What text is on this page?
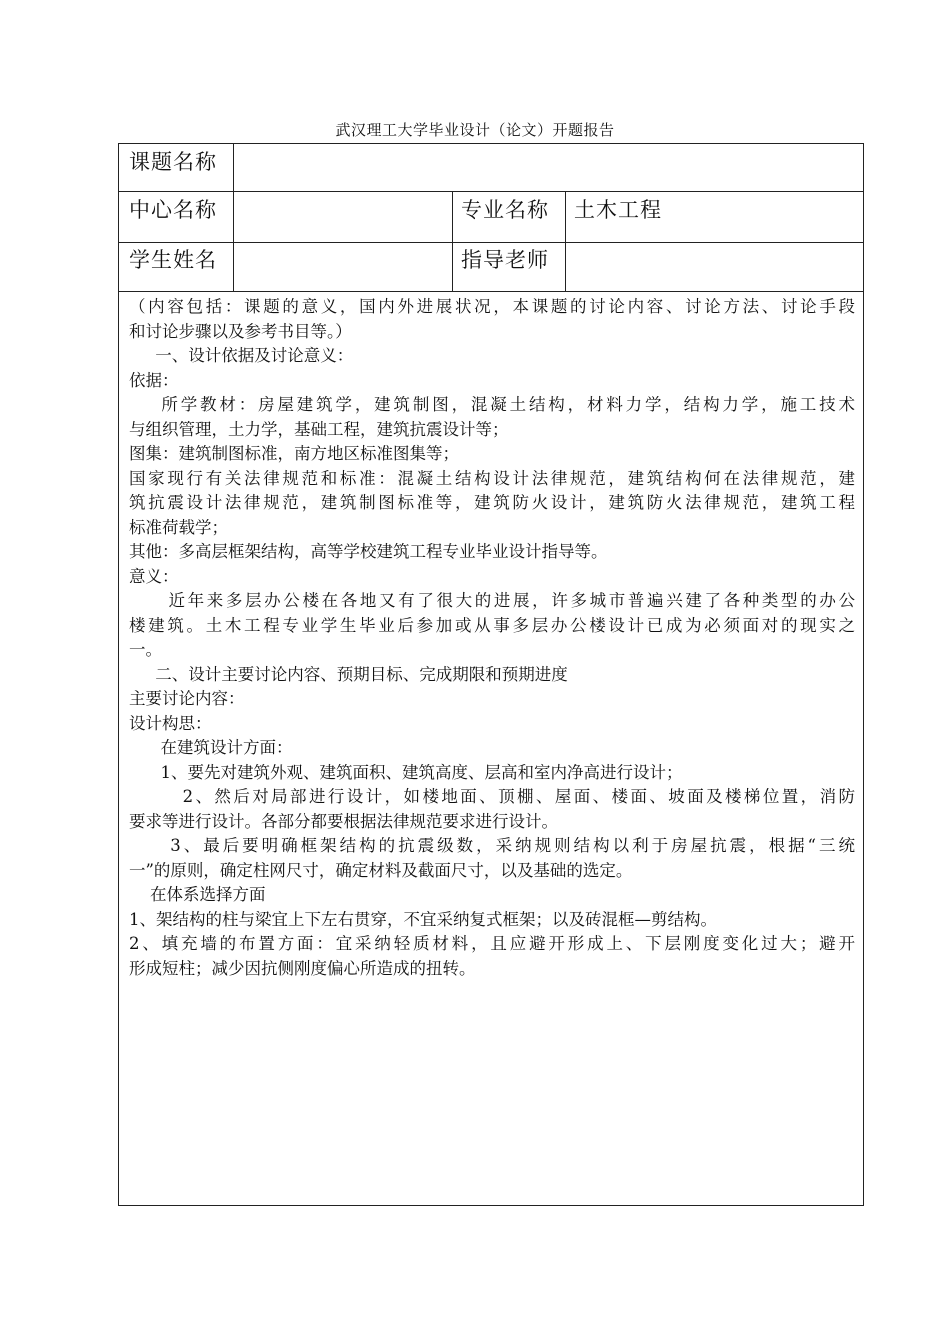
武汉理工大学毕业设计（论文）开题报告
课题名称
中心名称	专业名称 土木工程
学生姓名	指导老师
（内容包括：课题的意义，国内外进展状况，本课题的讨论内容、讨论方法、讨论手段
和讨论步骤以及参考书目等。）
一、设计依据及讨论意义：
依据：
所学教材：房屋建筑学，建筑制图，混凝土结构，材料力学，结构力学，施工技术
与组织管理，土力学，基础工程，建筑抗震设计等；
图集：建筑制图标准，南方地区标准图集等；
国家现行有关法律规范和标准：混凝土结构设计法律规范，建筑结构何在法律规范，建
筑抗震设计法律规范，建筑制图标准等，建筑防火设计，建筑防火法律规范，建筑工程
标准荷载学；
其他：多高层框架结构，高等学校建筑工程专业毕业设计指导等。
意义：
近年来多层办公楼在各地又有了很大的进展，许多城市普遍兴建了各种类型的办公
楼建筑。土木工程专业学生毕业后参加或从事多层办公楼设计已成为必须面对的现实之
一。
二、设计主要讨论内容、预期目标、完成期限和预期进度
主要讨论内容：
设计构思：
在建筑设计方面：
1、要先对建筑外观、建筑面积、建筑高度、层高和室内净高进行设计；
2、然后对局部进行设计，如楼地面、顶棚、屋面、楼面、坡面及楼梯位置，消防
要求等进行设计。各部分都要根据法律规范要求进行设计。
3、最后要明确框架结构的抗震级数，采纳规则结构以利于房屋抗震，根据“三统
一”的原则，确定柱网尺寸，确定材料及截面尺寸，以及基础的选定。
在体系选择方面
1、架结构的柱与梁宜上下左右贯穿，不宜采纳复式框架；以及砖混框—剪结构。
2、填充墙的布置方面：宜采纳轻质材料，且应避开形成上、下层刚度变化过大；避开
形成短柱；减少因抗侧刚度偏心所造成的扭转。
